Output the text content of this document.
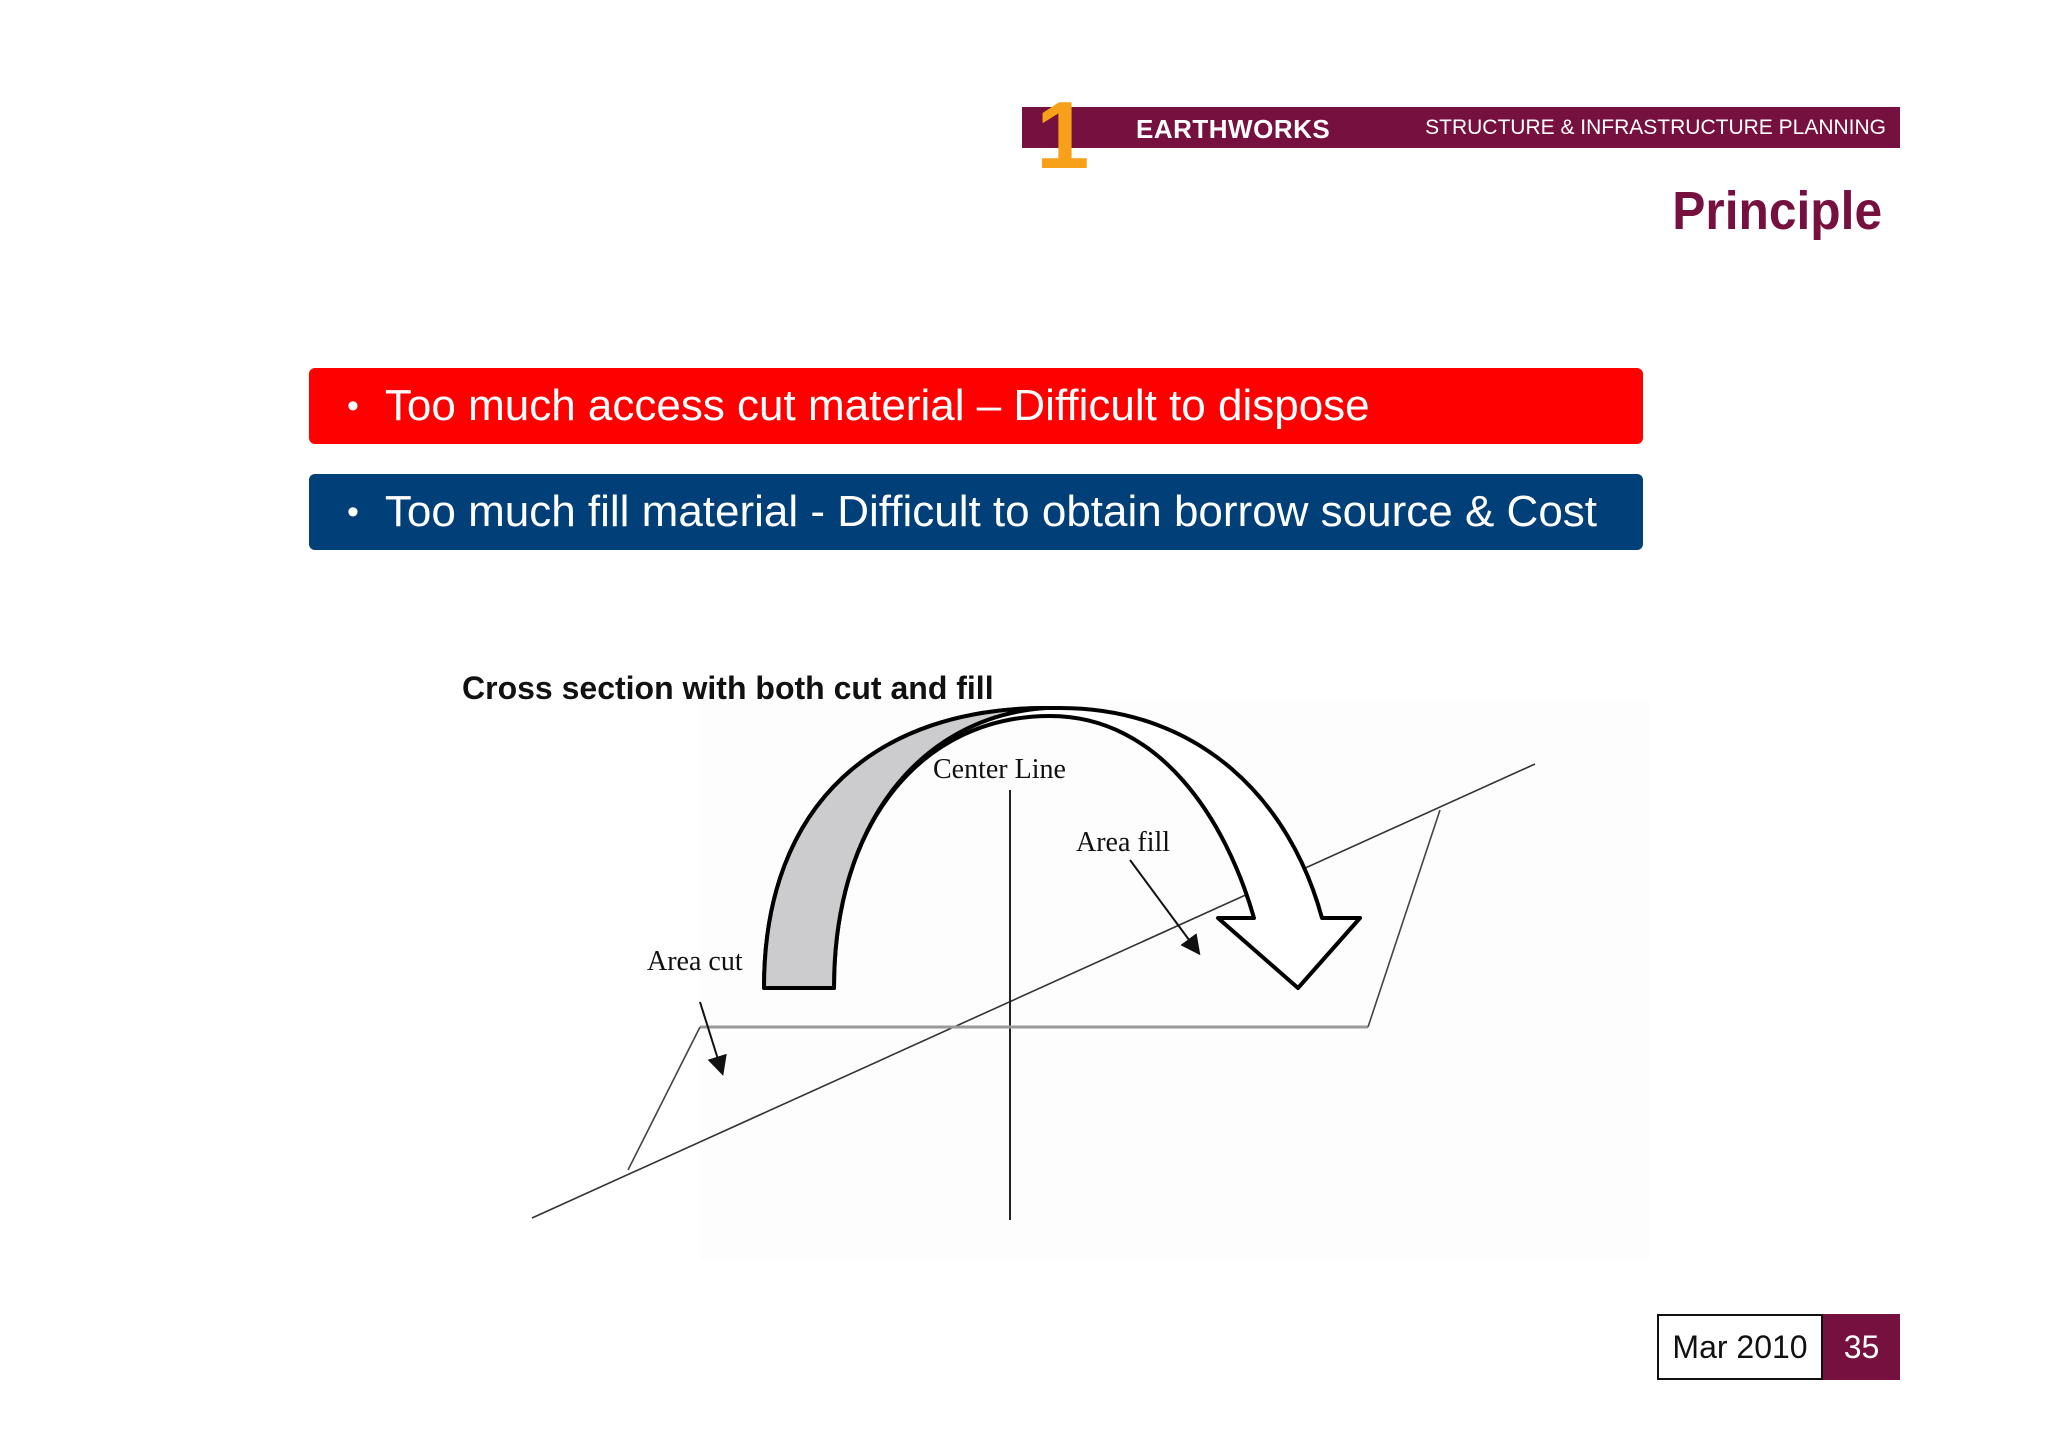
1 EARTHWORKS	STRUCTURE & INFRASTRUCTURE PLANNING
Principle
• Too much access cut material – Difficult to dispose
• Too much fill material - Difficult to obtain borrow source & Cost
Center Line
Area fill
Area cut
Cross section with both cut and fill
Mar 2010 35
